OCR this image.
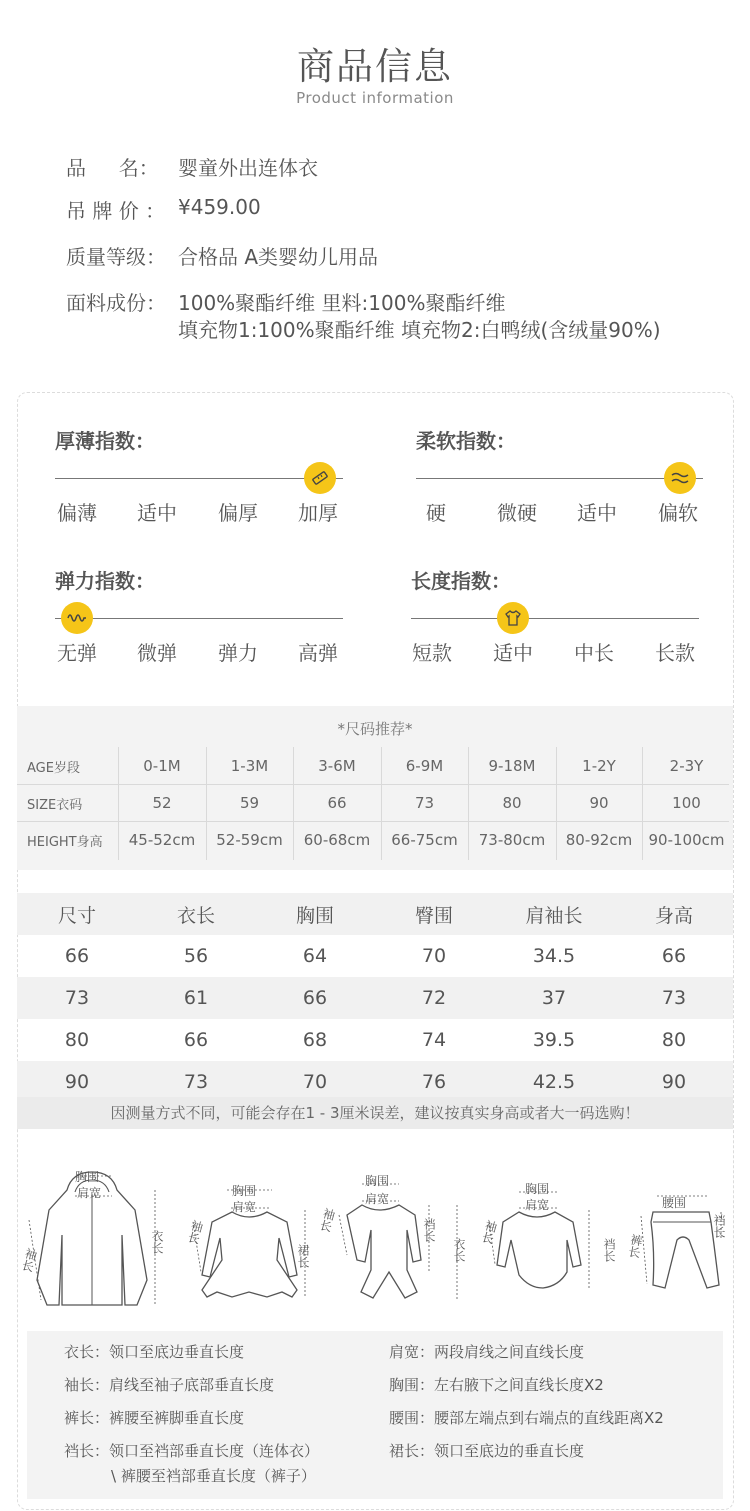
商品信息
Product information
品　  名： 婴童外出连体衣
吊 牌 价 ： ¥459.00
质量等级： 合格品 A类婴幼儿用品
面料成份： 100%聚酯纤维 里料:100%聚酯纤维
填充物1:100%聚酯纤维 填充物2:白鸭绒(含绒量90%)
厚薄指数：
偏薄	适中	偏厚	加厚
柔软指数：
硬	微硬	适中	偏软
弹力指数：
无弹	微弹	弹力	高弹
长度指数：
短款	适中	中长	长款
*尺码推荐*
AGE岁段	0-1M	1-3M	3-6M	6-9M	9-18M	1-2Y	2-3Y
SIZE衣码	52	59	66	73	80	90	100
HEIGHT身高	45-52cm	52-59cm	60-68cm	66-75cm	73-80cm	80-92cm	90-100cm
尺寸	衣长	胸围	臀围	肩袖长	身高
66	56	64	70	34.5	66
73	61	66	72	37	73
80	66	68	74	39.5	80
90	73	70	76	42.5	90
因测量方式不同，可能会存在1 - 3厘米误差，建议按真实身高或者大一码选购！
胸围
肩宽
袖长
衣长
胸围
肩宽
袖长
裙长
胸围
肩宽
袖长	裆长
衣长
胸围
肩宽
袖长
裆长
腰围
裤长
裆长
衣长：领口至底边垂直长度
袖长：肩线至袖子底部垂直长度
裤长：裤腰至裤脚垂直长度
裆长：领口至裆部垂直长度（连体衣）
\ 裤腰至裆部垂直长度（裤子）
肩宽：两段肩线之间直线长度
胸围：左右腋下之间直线长度X2
腰围：腰部左端点到右端点的直线距离X2
裙长：领口至底边的垂直长度
